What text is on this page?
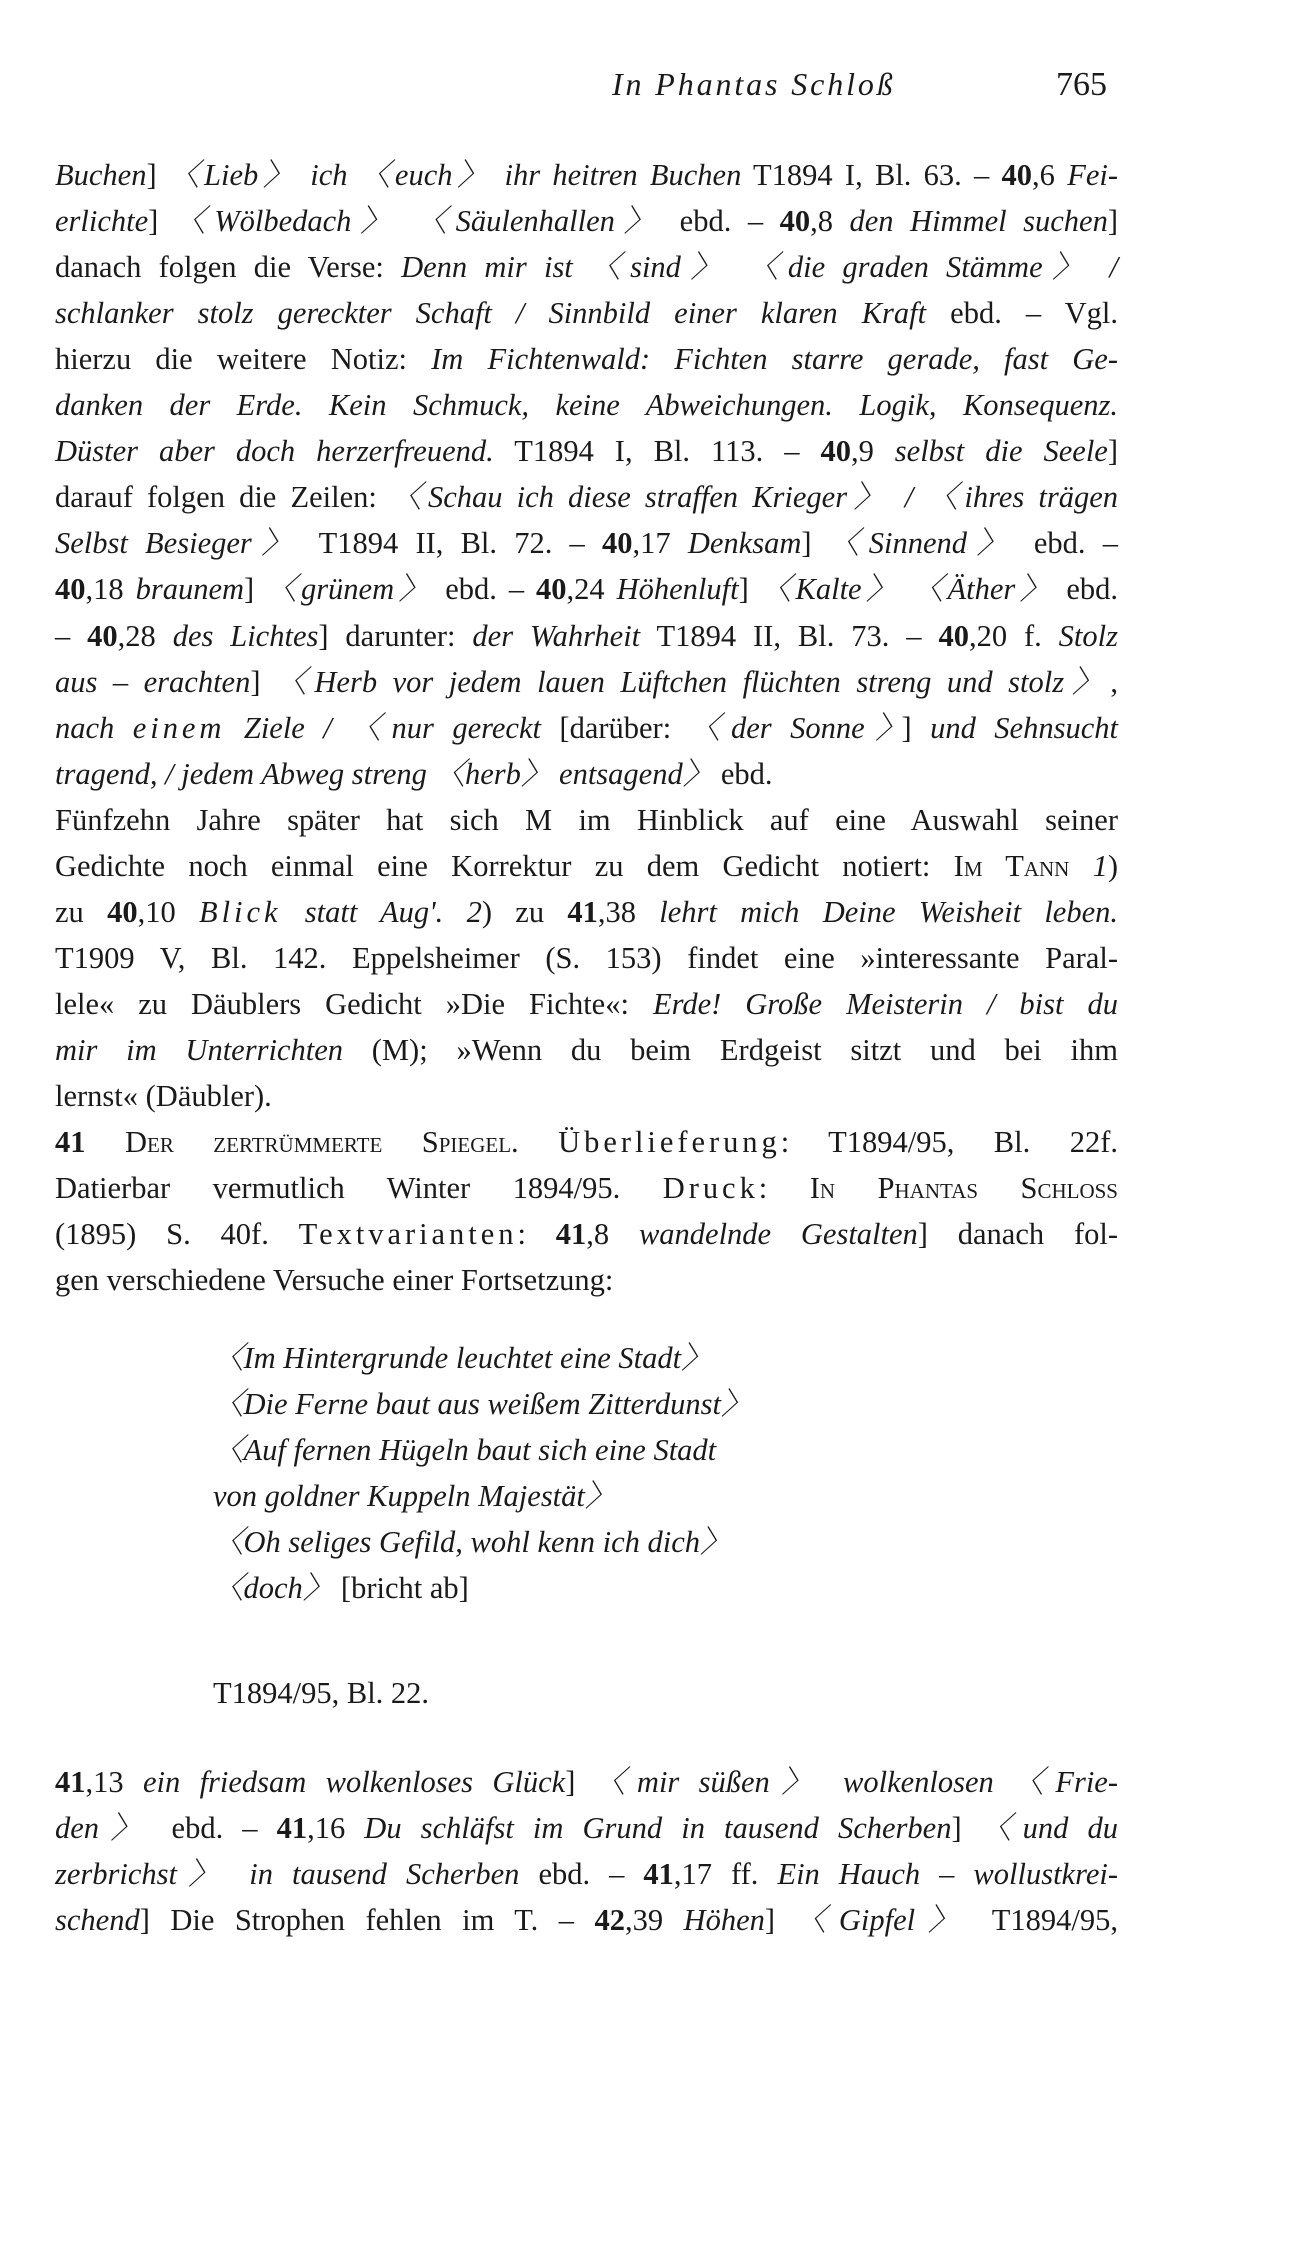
In Phantas Schloß	765
Buchen] 〈Lieb〉 ich 〈euch〉 ihr heitren Buchen T1894 I, Bl. 63. – 40,6 Fei-
erlichte] 〈Wölbedach〉 〈Säulenhallen〉 ebd. – 40,8 den Himmel suchen]
danach folgen die Verse: Denn mir ist 〈sind〉 〈die graden Stämme〉 /
schlanker stolz gereckter Schaft / Sinnbild einer klaren Kraft ebd. – Vgl.
hierzu die weitere Notiz: Im Fichtenwald: Fichten starre gerade, fast Ge-
danken der Erde. Kein Schmuck, keine Abweichungen. Logik, Konsequenz.
Düster aber doch herzerfreuend. T1894 I, Bl. 113. – 40,9 selbst die Seele]
darauf folgen die Zeilen: 〈Schau ich diese straffen Krieger〉 / 〈ihres trägen
Selbst Besieger〉 T1894 II, Bl. 72. – 40,17 Denksam] 〈Sinnend〉 ebd. –
40,18 braunem] 〈grünem〉 ebd. – 40,24 Höhenluft] 〈Kalte〉 〈Äther〉 ebd.
– 40,28 des Lichtes] darunter: der Wahrheit T1894 II, Bl. 73. – 40,20 f. Stolz
aus – erachten] 〈Herb vor jedem lauen Lüftchen flüchten streng und stolz〉,
nach einem Ziele / 〈nur gereckt [darüber: 〈der Sonne〉] und Sehnsucht
tragend, / jedem Abweg streng 〈herb〉 entsagend〉 ebd.
Fünfzehn Jahre später hat sich M im Hinblick auf eine Auswahl seiner
Gedichte noch einmal eine Korrektur zu dem Gedicht notiert: Im Tann 1)
zu 40,10 Blick statt Aug'. 2) zu 41,38 lehrt mich Deine Weisheit leben.
T1909 V, Bl. 142. Eppelsheimer (S. 153) findet eine »interessante Paral-
lele« zu Däublers Gedicht »Die Fichte«: Erde! Große Meisterin / bist du
mir im Unterrichten (M); »Wenn du beim Erdgeist sitzt und bei ihm
lernst« (Däubler).
41 Der zertrümmerte Spiegel. Überlieferung: T1894/95, Bl. 22f.
Datierbar vermutlich Winter 1894/95. Druck: In Phantas Schloss
(1895) S. 40f. Textvarianten: 41,8 wandelnde Gestalten] danach fol-
gen verschiedene Versuche einer Fortsetzung:
〈Im Hintergrunde leuchtet eine Stadt〉
〈Die Ferne baut aus weißem Zitterdunst〉
〈Auf fernen Hügeln baut sich eine Stadt
von goldner Kuppeln Majestät〉
〈Oh seliges Gefild, wohl kenn ich dich〉
〈doch〉 [bricht ab]
T1894/95, Bl. 22.
41,13 ein friedsam wolkenloses Glück] 〈mir süßen〉 wolkenlosen 〈Frie-
den〉 ebd. – 41,16 Du schläfst im Grund in tausend Scherben] 〈und du
zerbrichst〉 in tausend Scherben ebd. – 41,17 ff. Ein Hauch – wollustkrei-
schend] Die Strophen fehlen im T. – 42,39 Höhen] 〈Gipfel〉 T1894/95,
